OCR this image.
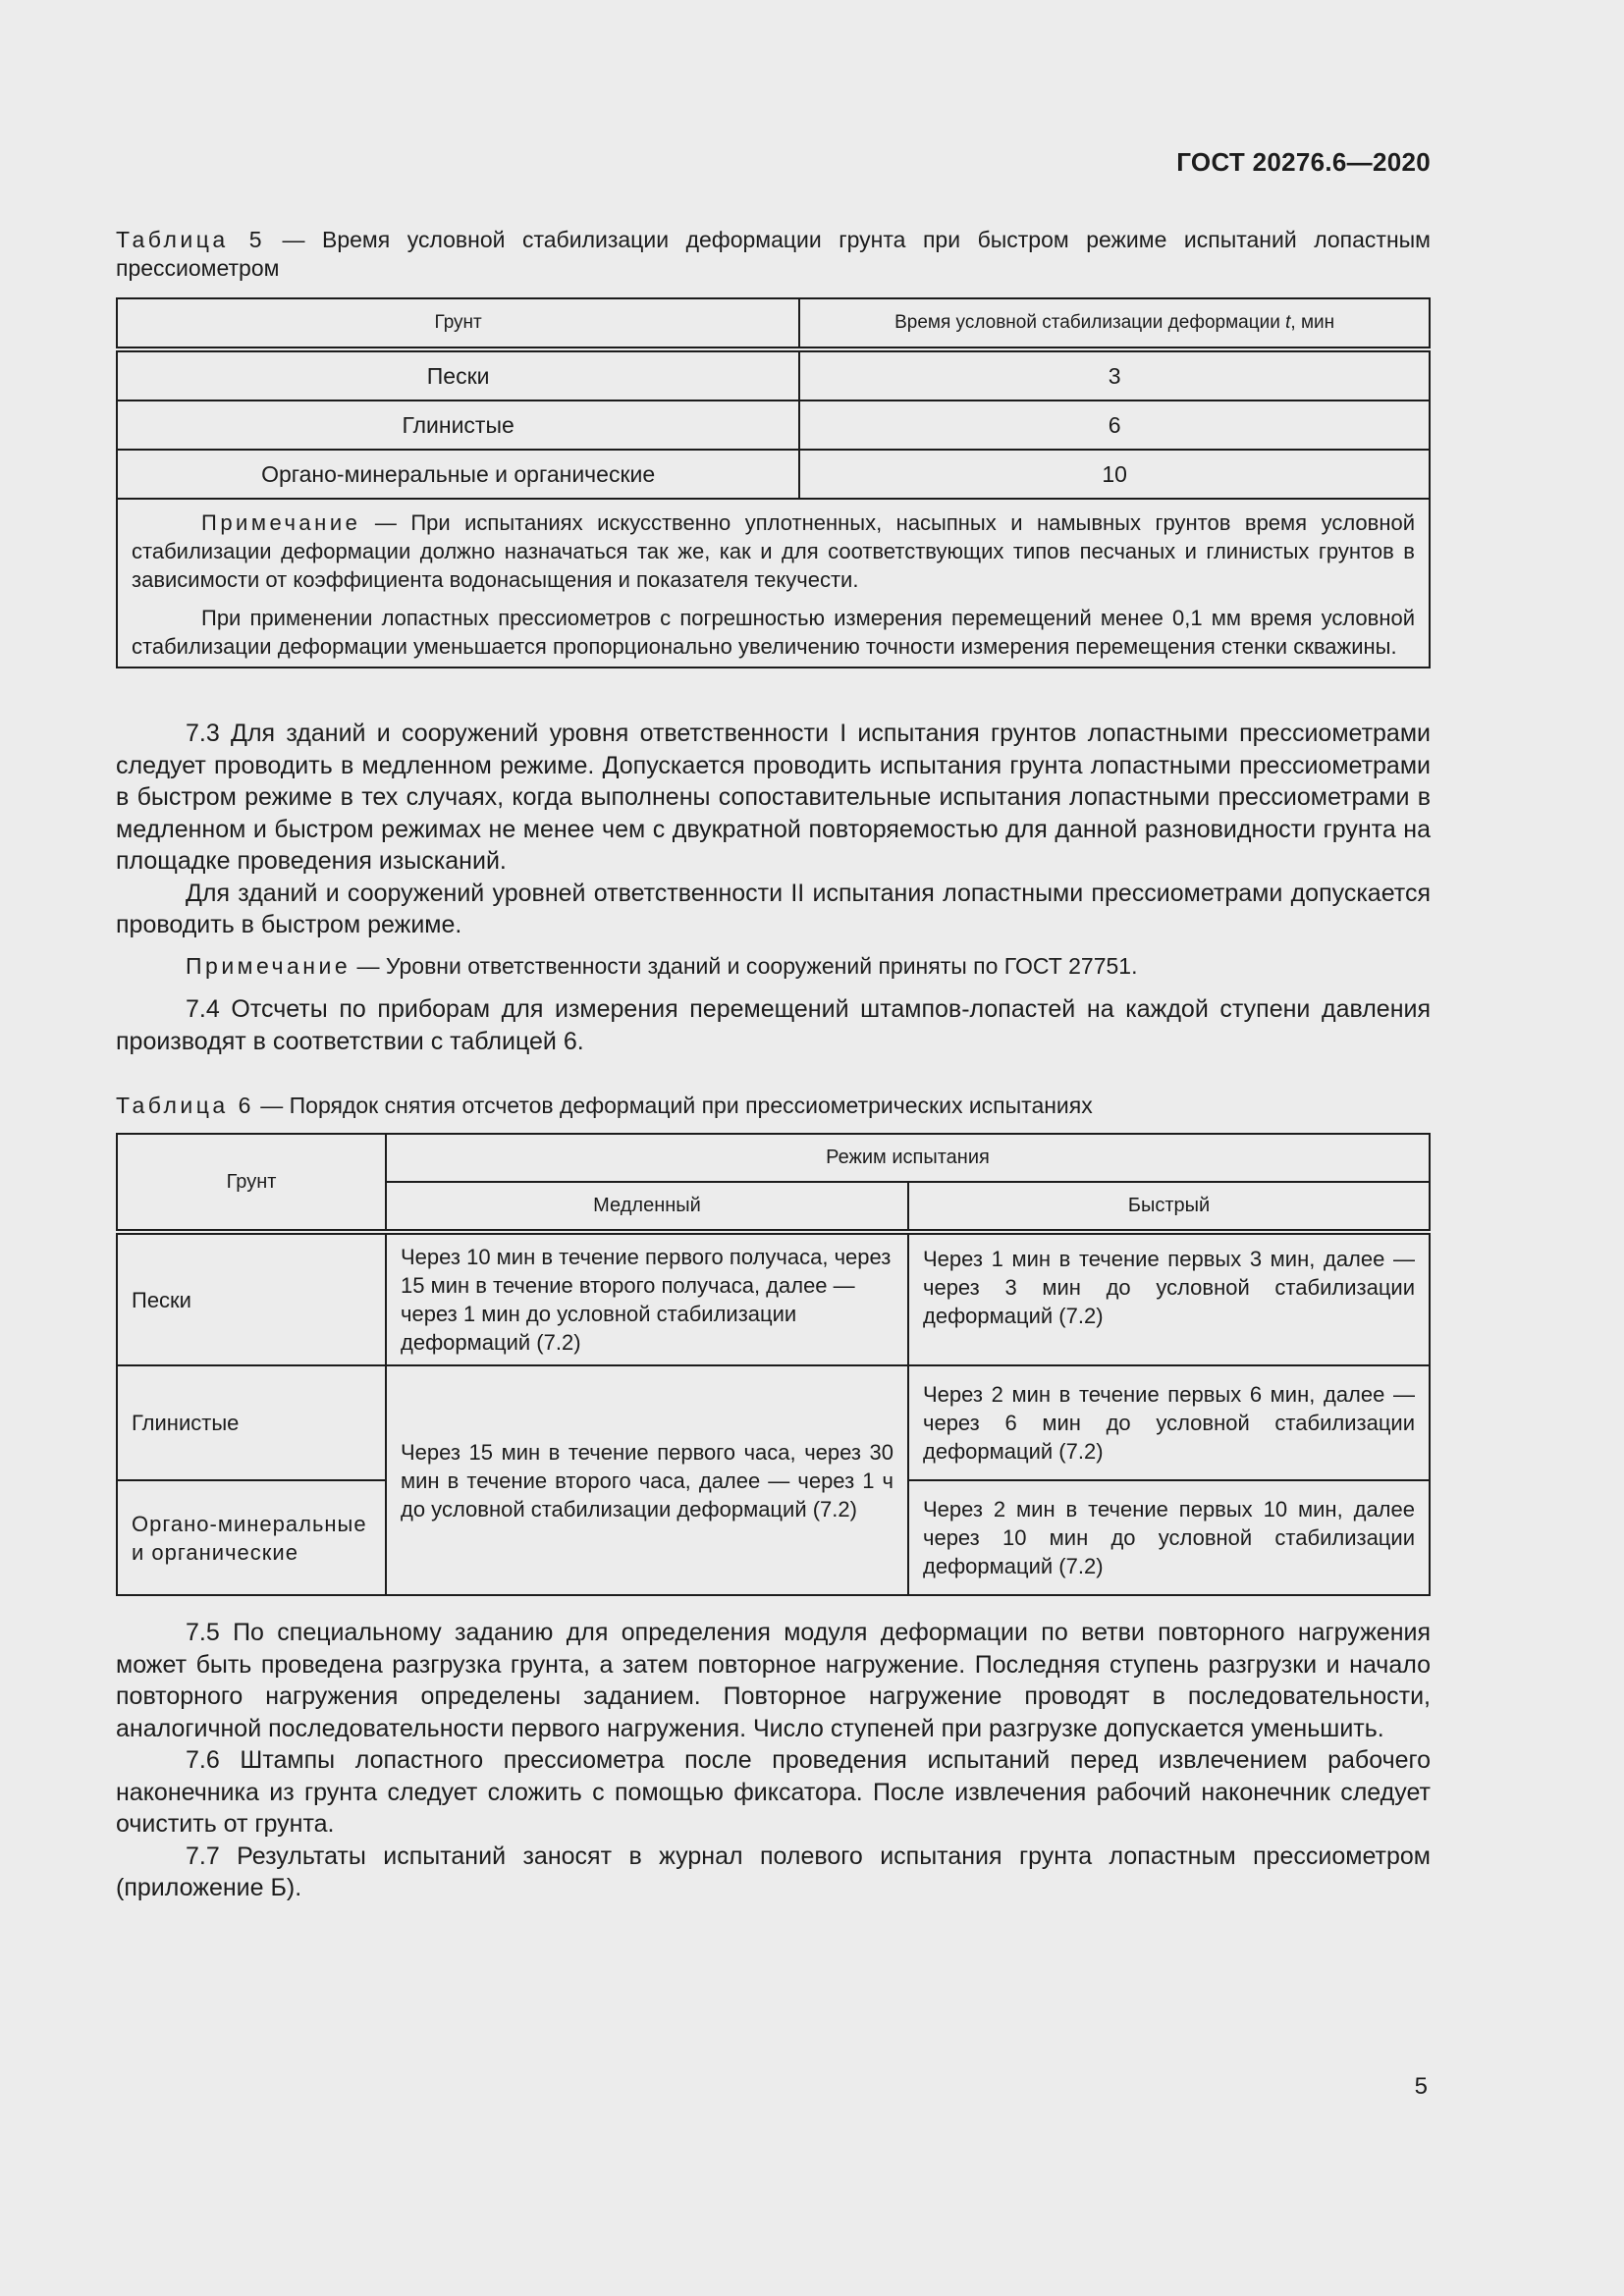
ГОСТ 20276.6—2020

Таблица 5 — Время условной стабилизации деформации грунта при быстром режиме испытаний лопастным прессиометром

Грунт	Время условной стабилизации деформации t, мин
Пески	3
Глинистые	6
Органо-минеральные и органические	10

Примечание — При испытаниях искусственно уплотненных, насыпных и намывных грунтов время условной стабилизации деформации должно назначаться так же, как и для соответствующих типов песчаных и глинистых грунтов в зависимости от коэффициента водонасыщения и показателя текучести.

При применении лопастных прессиометров с погрешностью измерения перемещений менее 0,1 мм время условной стабилизации деформации уменьшается пропорционально увеличению точности измерения перемещения стенки скважины.	

7.3 Для зданий и сооружений уровня ответственности I испытания грунтов лопастными прессиометрами следует проводить в медленном режиме. Допускается проводить испытания грунта лопастными прессиометрами в быстром режиме в тех случаях, когда выполнены сопоставительные испытания лопастными прессиометрами в медленном и быстром режимах не менее чем с двукратной повторяемостью для данной разновидности грунта на площадке проведения изысканий.

Для зданий и сооружений уровней ответственности II испытания лопастными прессиометрами допускается проводить в быстром режиме.

Примечание — Уровни ответственности зданий и сооружений приняты по ГОСТ 27751.

7.4 Отсчеты по приборам для измерения перемещений штампов-лопастей на каждой ступени давления производят в соответствии с таблицей 6.

Таблица 6 — Порядок снятия отсчетов деформаций при прессиометрических испытаниях

Грунт	Режим испытания	
	Медленный	Быстрый
Пески	Через 10 мин в течение первого получаса, через 15 мин в течение второго получаса, далее — через 1 мин до условной стабилизации деформаций (7.2)	Через 1 мин в течение первых 3 мин, далее — через 3 мин до условной стабилизации деформаций (7.2)
Глинистые	Через 15 мин в течение первого часа, через 30 мин в течение второго часа, далее — через 1 ч до условной стабилизации деформаций (7.2)	Через 2 мин в течение первых 6 мин, далее — через 6 мин до условной стабилизации деформаций (7.2)
Органо-минеральные и органические		Через 2 мин в течение первых 10 мин, далее через 10 мин до условной стабилизации деформаций (7.2)

7.5 По специальному заданию для определения модуля деформации по ветви повторного нагружения может быть проведена разгрузка грунта, а затем повторное нагружение. Последняя ступень разгрузки и начало повторного нагружения определены заданием. Повторное нагружение проводят в последовательности, аналогичной последовательности первого нагружения. Число ступеней при разгрузке допускается уменьшить.

7.6 Штампы лопастного прессиометра после проведения испытаний перед извлечением рабочего наконечника из грунта следует сложить с помощью фиксатора. После извлечения рабочий наконечник следует очистить от грунта.

7.7 Результаты испытаний заносят в журнал полевого испытания грунта лопастным прессиометром (приложение Б).

5
